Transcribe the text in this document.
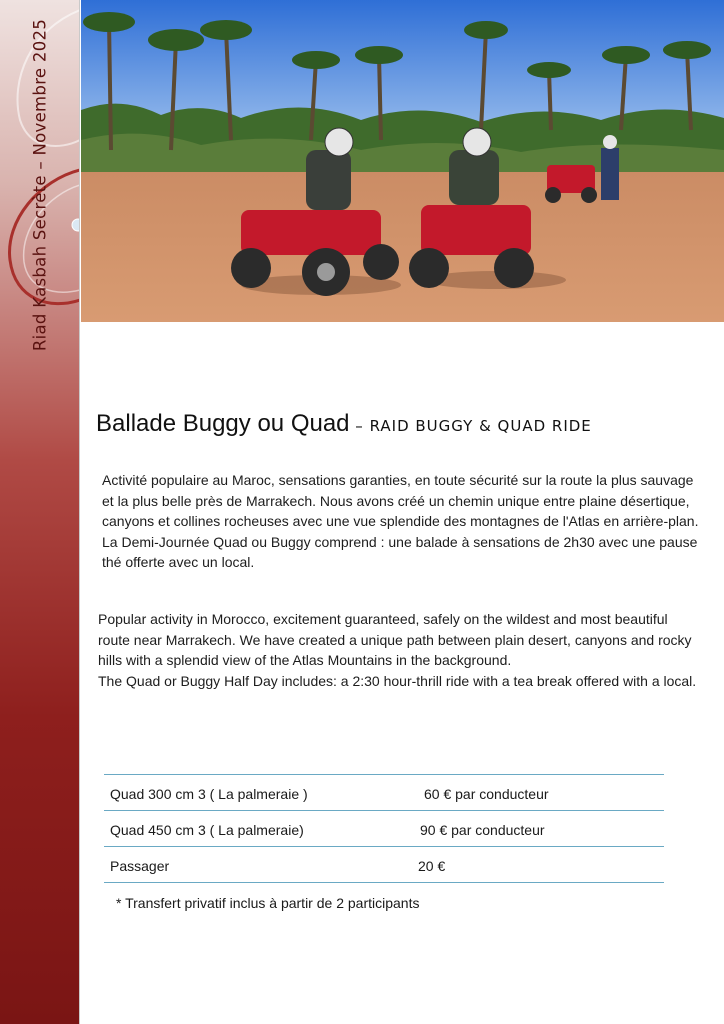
Riad Kasbah Secrète – Novembre 2025
Ballade Buggy ou Quad – RAID BUGGY & QUAD RIDE

Activité populaire au Maroc, sensations garanties, en toute sécurité sur la route la plus sauvage et la plus belle près de Marrakech. Nous avons créé un chemin unique entre plaine désertique, canyons et collines rocheuses avec une vue splendide des montagnes de l'Atlas en arrière-plan.

La Demi-Journée Quad ou Buggy comprend : une balade à sensations de 2h30 avec une pause thé offerte avec un local.

Popular activity in Morocco, excitement guaranteed, safely on the wildest and most beautiful route near Marrakech. We have created a unique path between plain desert, canyons and rocky hills with a splendid view of the Atlas Mountains in the background.

The Quad or Buggy Half Day includes: a 2:30 hour-thrill ride with a tea break offered with a local.

Quad 300 cm 3 ( La palmeraie )	60 € par conducteur
Quad 450 cm 3 ( La palmeraie)	90 € par conducteur
Passager	20 €
* Transfert privatif inclus à partir de 2 participants
